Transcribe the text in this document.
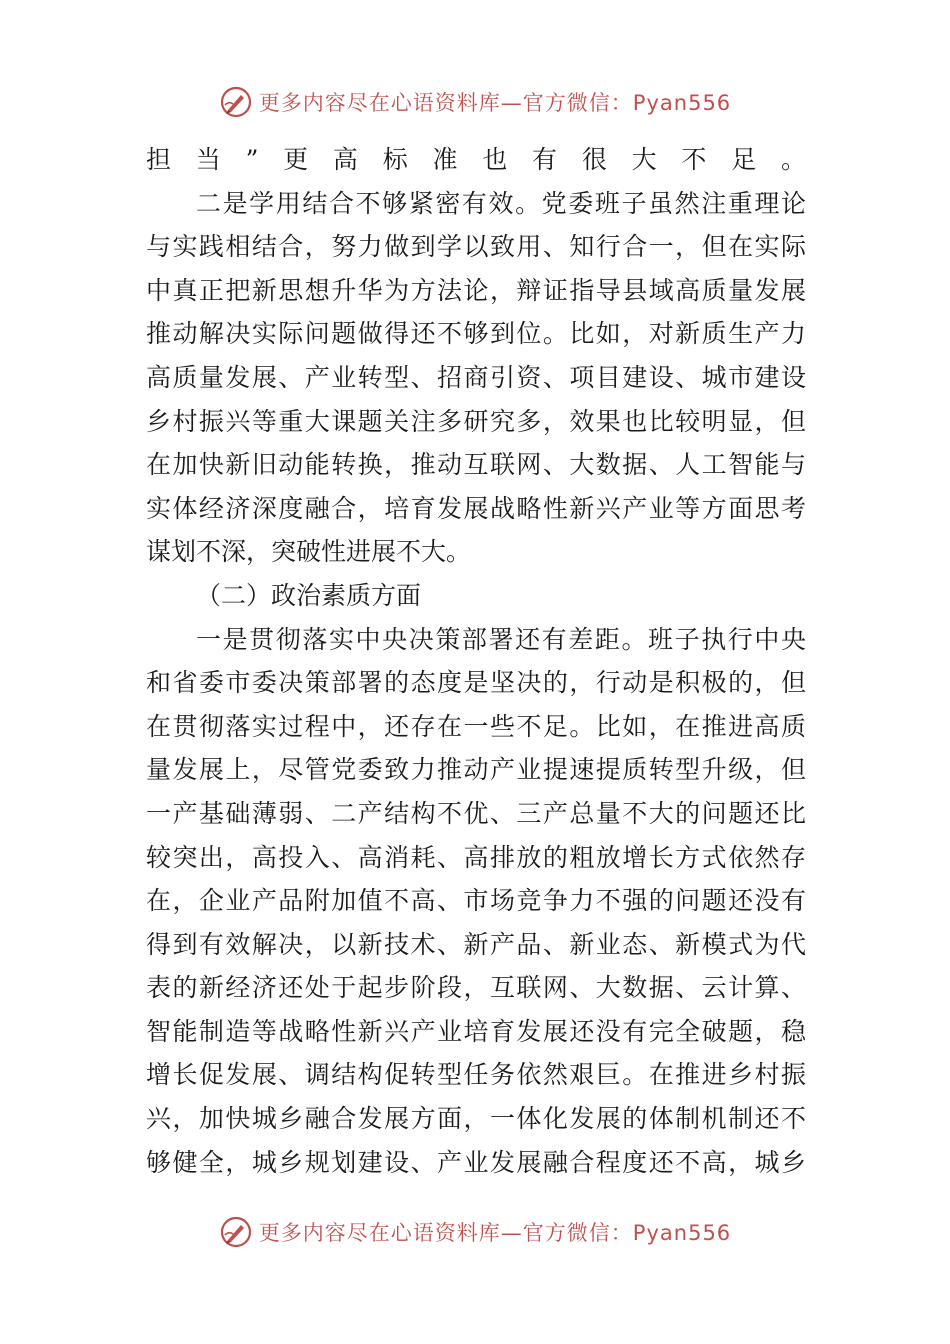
更多内容尽在心语资料库—官方微信：Pyan556
担当”更高标准也有很大不足。
二是学用结合不够紧密有效。党委班子虽然注重理论
与实践相结合，努力做到学以致用、知行合一，但在实际
中真正把新思想升华为方法论，辩证指导县域高质量发展
推动解决实际问题做得还不够到位。比如，对新质生产力
高质量发展、产业转型、招商引资、项目建设、城市建设
乡村振兴等重大课题关注多研究多，效果也比较明显，但
在加快新旧动能转换，推动互联网、大数据、人工智能与
实体经济深度融合，培育发展战略性新兴产业等方面思考
谋划不深，突破性进展不大。
（二）政治素质方面
一是贯彻落实中央决策部署还有差距。班子执行中央
和省委市委决策部署的态度是坚决的，行动是积极的，但
在贯彻落实过程中，还存在一些不足。比如，在推进高质
量发展上，尽管党委致力推动产业提速提质转型升级，但
一产基础薄弱、二产结构不优、三产总量不大的问题还比
较突出，高投入、高消耗、高排放的粗放增长方式依然存
在，企业产品附加值不高、市场竞争力不强的问题还没有
得到有效解决，以新技术、新产品、新业态、新模式为代
表的新经济还处于起步阶段，互联网、大数据、云计算、
智能制造等战略性新兴产业培育发展还没有完全破题，稳
增长促发展、调结构促转型任务依然艰巨。在推进乡村振
兴，加快城乡融合发展方面，一体化发展的体制机制还不
够健全，城乡规划建设、产业发展融合程度还不高，城乡
更多内容尽在心语资料库—官方微信：Pyan556
